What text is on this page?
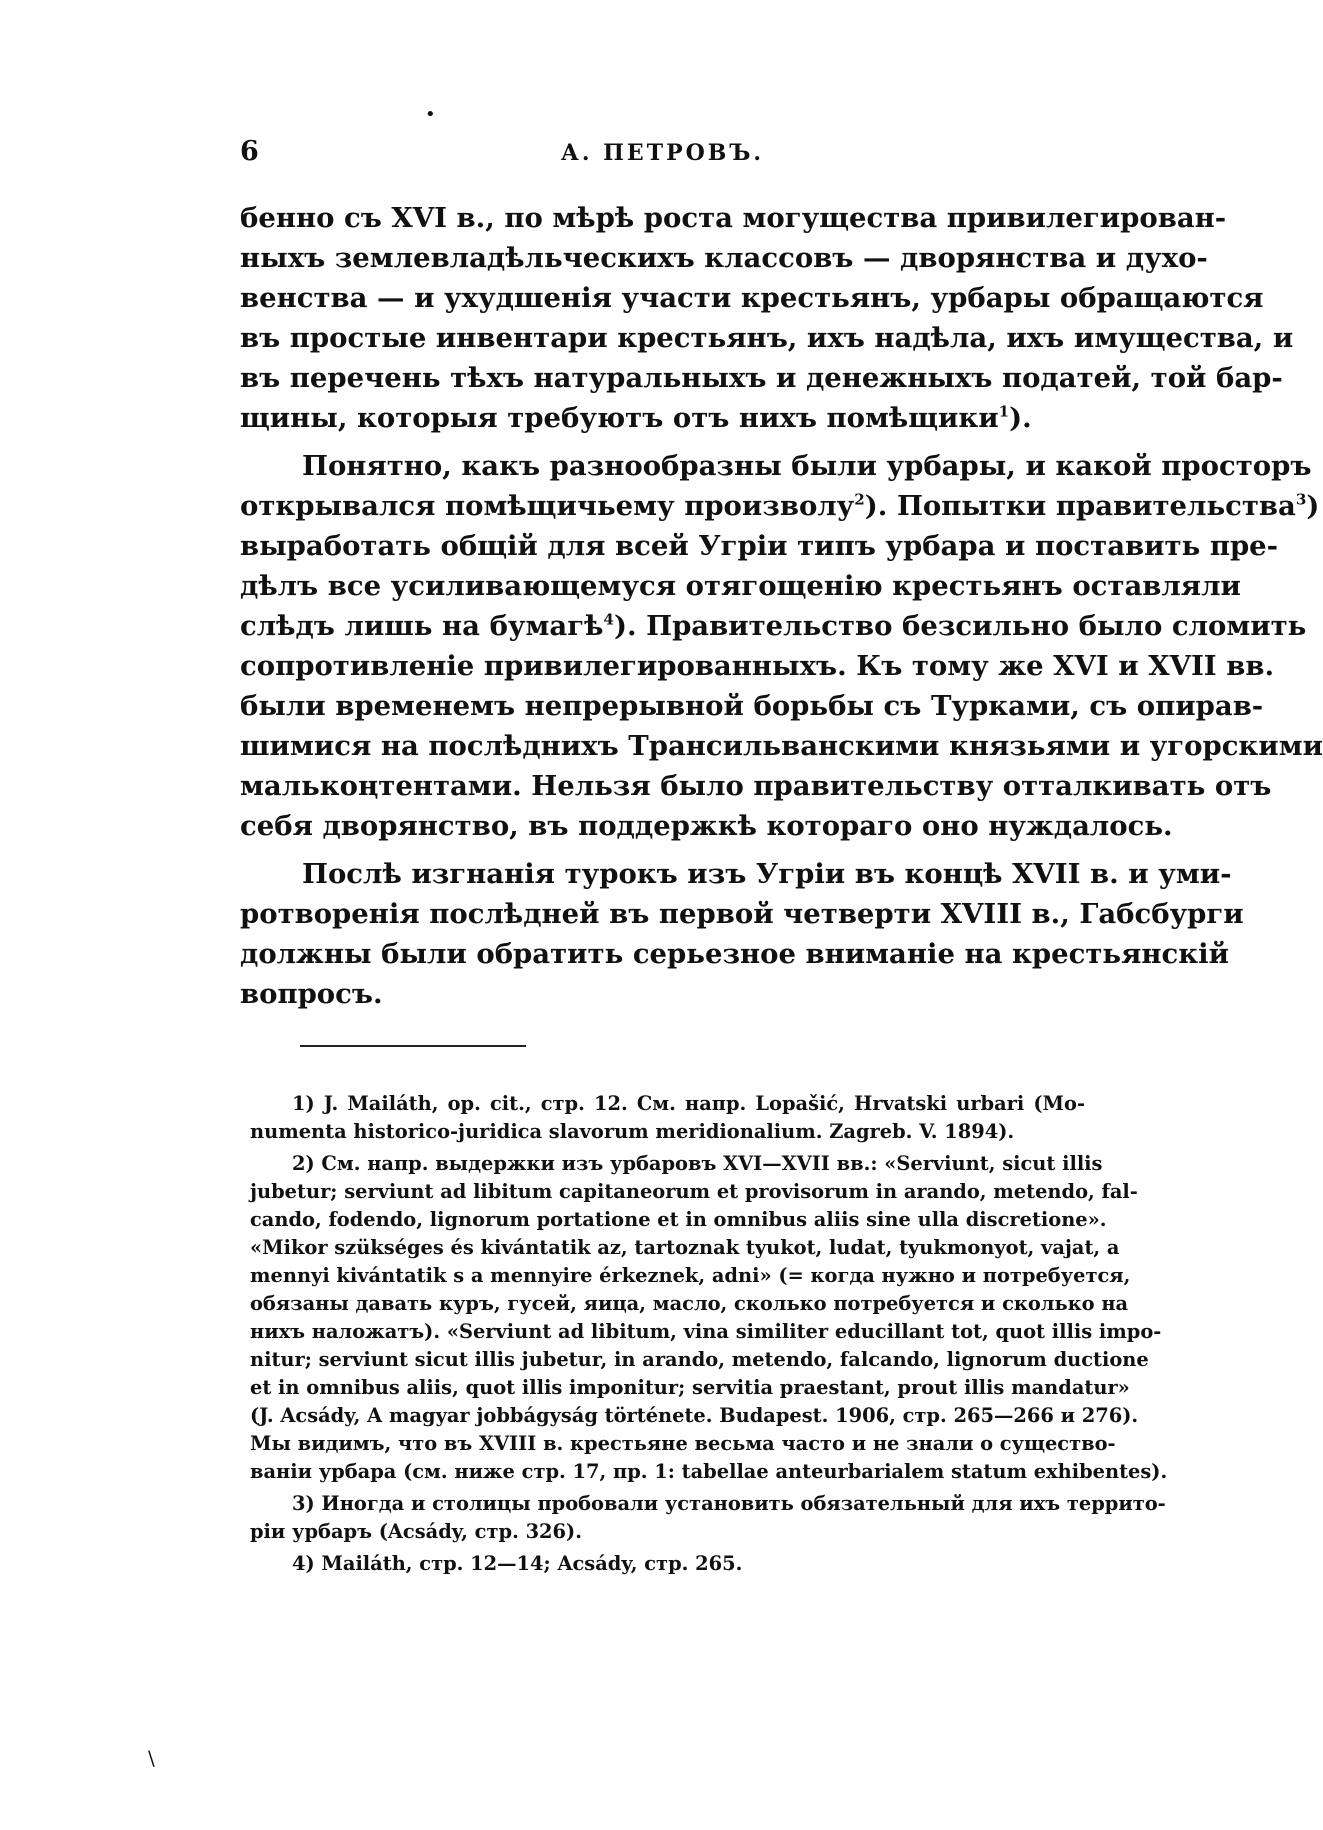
•
6	А. ПЕТРОВЪ.
бенно съ XVI в., по мѣрѣ роста могущества привилегирован-
ныхъ землевладѣльческихъ классовъ — дворянства и духо-
венства — и ухудшенія участи крестьянъ, урбары обращаются
въ простые инвентари крестьянъ, ихъ надѣла, ихъ имущества, и
въ перечень тѣхъ натуральныхъ и денежныхъ податей, той бар-
щины, которыя требуютъ отъ нихъ помѣщики$^1$).
Понятно, какъ разнообразны были урбары, и какой просторъ
открывался помѣщичьему произволу$^2$). Попытки правительства$^3$)
выработать общій для всей Угріи типъ урбара и поставить пре-
дѣлъ все усиливающемуся отягощенію крестьянъ оставляли
слѣдъ лишь на бумагѣ$^4$). Правительство безсильно было сломить
сопротивленіе привилегированныхъ. Къ тому же XVI и XVII вв.
были временемъ непрерывной борьбы съ Турками, съ опирав-
шимися на послѣднихъ Трансильванскими князьями и угорскими
малькоңтентами. Нельзя было правительству отталкивать отъ
себя дворянство, въ поддержкѣ котораго оно нуждалось.
Послѣ изгнанія турокъ изъ Угріи въ концѣ XVII в. и уми-
ротворенія послѣдней въ первой четверти XVIII в., Габсбурги
должны были обратить серьезное вниманіе на крестьянскій
вопросъ.
1) J. Mailáth, op. cit., стр. 12. См. напр. Lopašić, Hrvatski urbari (Mo-
numenta historico-juridica slavorum meridionalium. Zagreb. V. 1894).
2) См. напр. выдержки изъ урбаровъ XVI—XVII вв.: «Serviunt, sicut illis
jubetur; serviunt ad libitum capitaneorum et provisorum in arando, metendo, fal-
cando, fodendo, lignorum portatione et in omnibus aliis sine ulla discretione».
«Mikor szükséges és kivántatik az, tartoznak tyukot, ludat, tyukmonyot, vajat, a
mennyi kivántatik s a mennyire érkeznek, adni» (= когда нужно и потребуется,
обязаны давать куръ, гусей, яица, масло, сколько потребуется и сколько на
нихъ наложатъ). «Serviunt ad libitum, vina similiter educillant tot, quot illis impo-
nitur; serviunt sicut illis jubetur, in arando, metendo, falcando, lignorum ductione
et in omnibus aliis, quot illis imponitur; servitia praestant, prout illis mandatur»
(J. Acsády, A magyar jobbágyság története. Budapest. 1906, стр. 265—266 и 276).
Мы видимъ, что въ XVIII в. крестьяне весьма часто и не знали о существо-
ваніи урбара (см. ниже стр. 17, пр. 1: tabellae anteurbarialem statum exhibentes).
3) Иногда и столицы пробовали установить обязательный для ихъ террито-
ріи урбаръ (Acsády, стр. 326).
4) Mailáth, стр. 12—14; Acsády, стр. 265.
\
